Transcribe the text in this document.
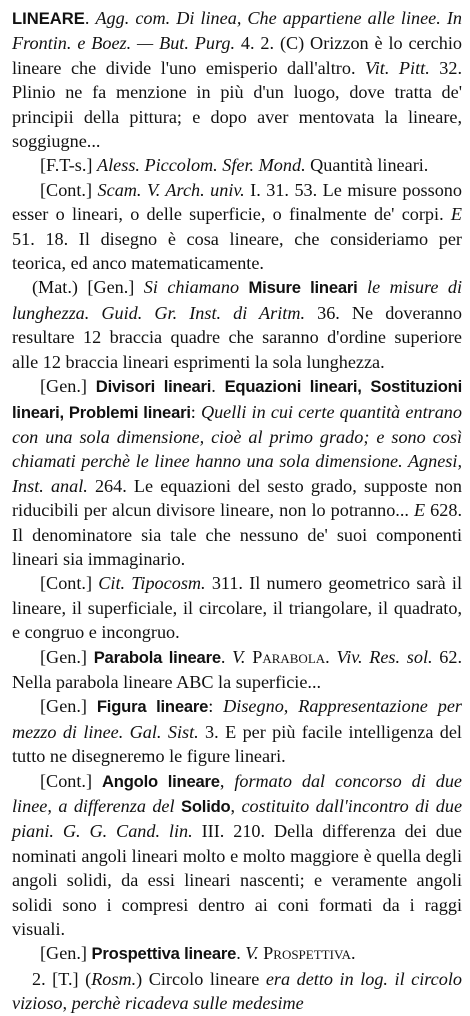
LINEARE. Agg. com. Di linea, Che appartiene alle linee. In Frontin. e Boez. — But. Purg. 4. 2. (C) Orizzon è lo cerchio lineare che divide l'uno emisperio dall'altro. Vit. Pitt. 32. Plinio ne fa menzione in più d'un luogo, dove tratta de' principii della pittura; e dopo aver mentovata la lineare, soggiugne...

[F.T-s.] Aless. Piccolom. Sfer. Mond. Quantità lineari.

[Cont.] Scam. V. Arch. univ. I. 31. 53. Le misure possono esser o lineari, o delle superficie, o finalmente de' corpi. E 51. 18. Il disegno è cosa lineare, che consideriamo per teorica, ed anco matematicamente.

(Mat.) [Gen.] Si chiamano Misure lineari le misure di lunghezza. Guid. Gr. Inst. di Aritm. 36. Ne doveranno resultare 12 braccia quadre che saranno d'ordine superiore alle 12 braccia lineari esprimenti la sola lunghezza.

[Gen.] Divisori lineari. Equazioni lineari, Sostituzioni lineari, Problemi lineari: Quelli in cui certe quantità entrano con una sola dimensione, cioè al primo grado; e sono così chiamati perchè le linee hanno una sola dimensione. Agnesi, Inst. anal. 264. Le equazioni del sesto grado, supposte non riducibili per alcun divisore lineare, non lo potranno... E 628. Il denominatore sia tale che nessuno de' suoi componenti lineari sia immaginario.

[Cont.] Cit. Tipocosm. 311. Il numero geometrico sarà il lineare, il superficiale, il circolare, il triangolare, il quadrato, e congruo e incongruo.

[Gen.] Parabola lineare. V. Parabola. Viv. Res. sol. 62. Nella parabola lineare ABC la superficie...

[Gen.] Figura lineare: Disegno, Rappresentazione per mezzo di linee. Gal. Sist. 3. E per più facile intelligenza del tutto ne disegneremo le figure lineari.

[Cont.] Angolo lineare, formato dal concorso di due linee, a differenza del Solido, costituito dall'incontro di due piani. G. G. Cand. lin. III. 210. Della differenza dei due nominati angoli lineari molto e molto maggiore è quella degli angoli solidi, da essi lineari nascenti; e veramente angoli solidi sono i compresi dentro ai coni formati da i raggi visuali.

[Gen.] Prospettiva lineare. V. Prospettiva.

2. [T.] (Rosm.) Circolo lineare era detto in log. il circolo vizioso, perchè ricadeva sulle medesime
